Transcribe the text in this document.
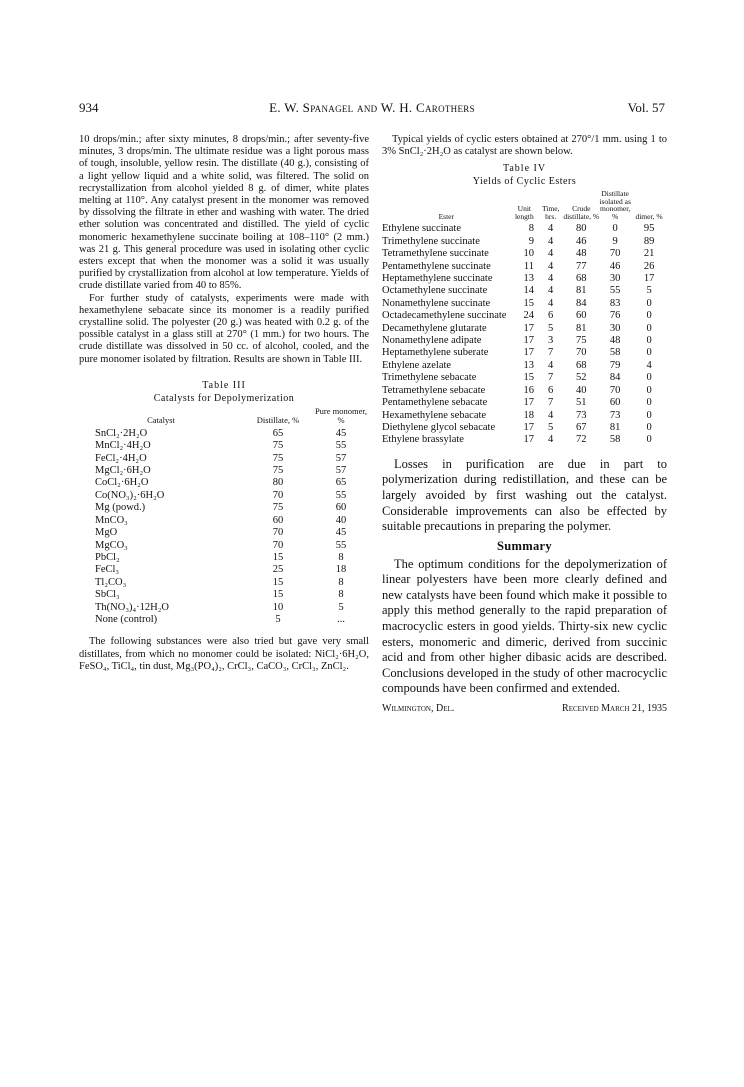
934	E. W. Spanagel and W. H. Carothers	Vol. 57

10 drops/min.; after sixty minutes, 8 drops/min.; after seventy-five minutes, 3 drops/min. The ultimate residue was a light porous mass of tough, insoluble, yellow resin. The distillate (40 g.), consisting of a light yellow liquid and a white solid, was filtered. The solid on recrystallization from alcohol yielded 8 g. of dimer, white plates melting at 110°. Any catalyst present in the monomer was removed by dissolving the filtrate in ether and washing with water. The dried ether solution was concentrated and distilled. The yield of cyclic monomeric hexamethylene succinate boiling at 108–110° (2 mm.) was 21 g. This general procedure was used in isolating other cyclic esters except that when the monomer was a solid it was usually purified by crystallization from alcohol at low temperature. Yields of crude distillate varied from 40 to 85%.

For further study of catalysts, experiments were made with hexamethylene sebacate since its monomer is a readily purified crystalline solid. The polyester (20 g.) was heated with 0.2 g. of the possible catalyst in a glass still at 270° (1 mm.) for two hours. The crude distillate was dissolved in 50 cc. of alcohol, cooled, and the pure monomer isolated by filtration. Results are shown in Table III.

Table III

Catalysts for Depolymerization

Catalyst	Distillate, %	Pure monomer, %
SnCl₂·2H₂O	65	45
MnCl₂·4H₂O	75	55
FeCl₂·4H₂O	75	57
MgCl₂·6H₂O	75	57
CoCl₂·6H₂O	80	65
Co(NO₃)₂·6H₂O	70	55
Mg (powd.)	75	60
MnCO₃	60	40
MgO	70	45
MgCO₃	70	55
PbCl₂	15	8
FeCl₃	25	18
Tl₂CO₃	15	8
SbCl₃	15	8
Th(NO₃)₄·12H₂O	10	5
None (control)	5	...

The following substances were also tried but gave very small distillates, from which no monomer could be isolated: NiCl₂·6H₂O, FeSO₄, TiCl₄, tin dust, Mg₃(PO₄)₂, CrCl₃, CaCO₃, CrCl₃, ZnCl₂.

Typical yields of cyclic esters obtained at 270°/1 mm. using 1 to 3% SnCl₂·2H₂O as catalyst are shown below.

Table IV

Yields of Cyclic Esters

Ester	Unit length	Time, hrs.	Crude distillate, %	Distillate isolated as monomer, %	dimer, %
Ethylene succinate	8	4	80	0	95
Trimethylene succinate	9	4	46	9	89
Tetramethylene succinate	10	4	48	70	21
Pentamethylene succinate	11	4	77	46	26
Heptamethylene succinate	13	4	68	30	17
Octamethylene succinate	14	4	81	55	5
Nonamethylene succinate	15	4	84	83	0
Octadecamethylene succinate	24	6	60	76	0
Decamethylene glutarate	17	5	81	30	0
Nonamethylene adipate	17	3	75	48	0
Heptamethylene suberate	17	7	70	58	0
Ethylene azelate	13	4	68	79	4
Trimethylene sebacate	15	7	52	84	0
Tetramethylene sebacate	16	6	40	70	0
Pentamethylene sebacate	17	7	51	60	0
Hexamethylene sebacate	18	4	73	73	0
Diethylene glycol sebacate	17	5	67	81	0
Ethylene brassylate	17	4	72	58	0

Losses in purification are due in part to polymerization during redistillation, and these can be largely avoided by first washing out the catalyst. Considerable improvements can also be effected by suitable precautions in preparing the polymer.

Summary

The optimum conditions for the depolymerization of linear polyesters have been more clearly defined and new catalysts have been found which make it possible to apply this method generally to the rapid preparation of macrocyclic esters in good yields. Thirty-six new cyclic esters, monomeric and dimeric, derived from succinic acid and from other higher dibasic acids are described. Conclusions developed in the study of other macrocyclic compounds have been confirmed and extended.

Wilmington, Del.	Received March 21, 1935
